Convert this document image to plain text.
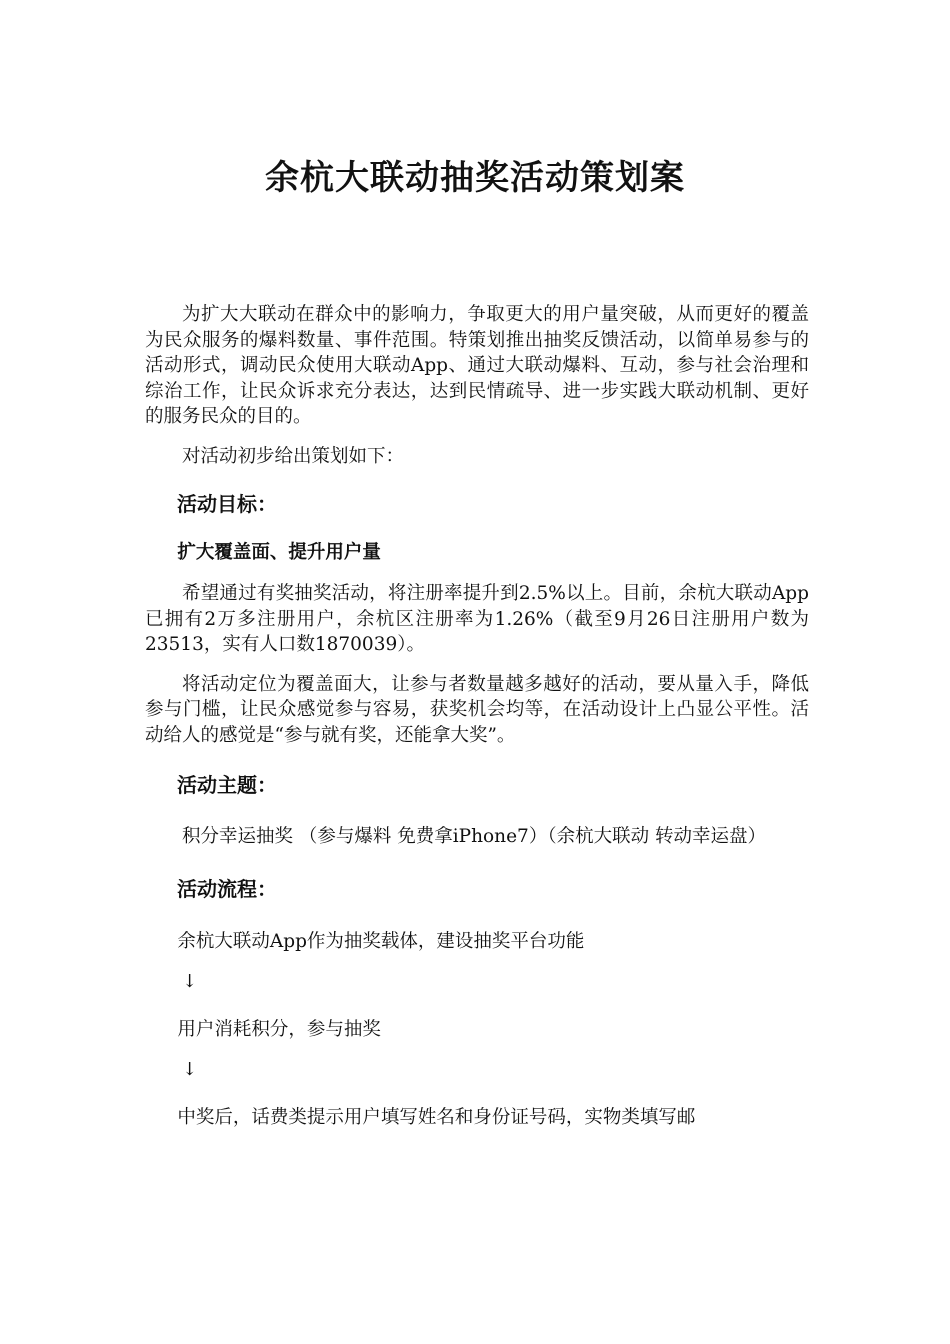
余杭大联动抽奖活动策划案

为扩大大联动在群众中的影响力，争取更大的用户量突破，从而更好的覆盖为民众服务的爆料数量、事件范围。特策划推出抽奖反馈活动，以简单易参与的活动形式，调动民众使用大联动App、通过大联动爆料、互动，参与社会治理和综治工作，让民众诉求充分表达，达到民情疏导、进一步实践大联动机制、更好的服务民众的目的。

对活动初步给出策划如下：

活动目标：

扩大覆盖面、提升用户量

希望通过有奖抽奖活动，将注册率提升到2.5%以上。目前，余杭大联动App已拥有2万多注册用户，余杭区注册率为1.26%（截至9月26日注册用户数为23513，实有人口数1870039）。

将活动定位为覆盖面大，让参与者数量越多越好的活动，要从量入手，降低参与门槛，让民众感觉参与容易，获奖机会均等，在活动设计上凸显公平性。活动给人的感觉是“参与就有奖，还能拿大奖”。

活动主题：

积分幸运抽奖 （参与爆料 免费拿iPhone7）（余杭大联动 转动幸运盘）

活动流程：

余杭大联动App作为抽奖载体，建设抽奖平台功能

↓

用户消耗积分，参与抽奖

↓

中奖后，话费类提示用户填写姓名和身份证号码，实物类填写邮
